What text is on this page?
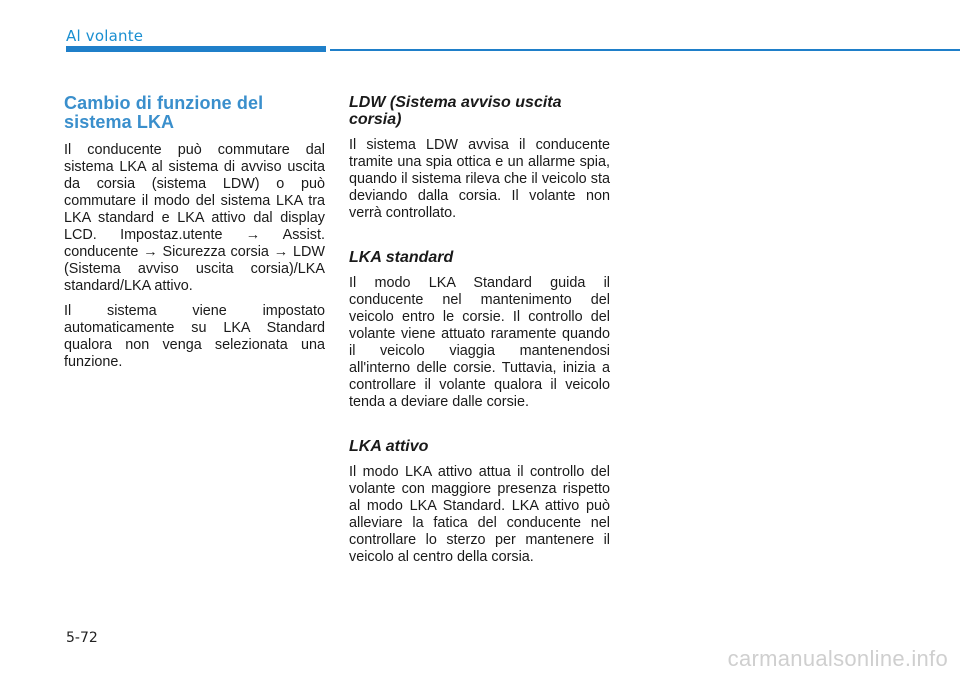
Al volante
Cambio di funzione del sistema LKA

Il conducente può commutare dal sistema LKA al sistema di avviso uscita da corsia (sistema LDW) o può commutare il modo del sistema LKA tra LKA standard e LKA attivo dal display LCD. Impostaz.utente → Assist. conducente → Sicurezza corsia → LDW (Sistema avviso uscita corsia)/LKA standard/LKA attivo.

Il sistema viene impostato automaticamente su LKA Standard qualora non venga selezionata una funzione.

LDW (Sistema avviso uscita corsia)

Il sistema LDW avvisa il conducente tramite una spia ottica e un allarme spia, quando il sistema rileva che il veicolo sta deviando dalla corsia. Il volante non verrà controllato.

LKA standard

Il modo LKA Standard guida il conducente nel mantenimento del veicolo entro le corsie. Il controllo del volante viene attuato raramente quando il veicolo viaggia mantenendosi all'interno delle corsie. Tuttavia, inizia a controllare il volante qualora il veicolo tenda a deviare dalle corsie.

LKA attivo

Il modo LKA attivo attua il controllo del volante con maggiore presenza rispetto al modo LKA Standard. LKA attivo può alleviare la fatica del conducente nel controllare lo sterzo per mantenere il veicolo al centro della corsia.

5-72
carmanualsonline.info
